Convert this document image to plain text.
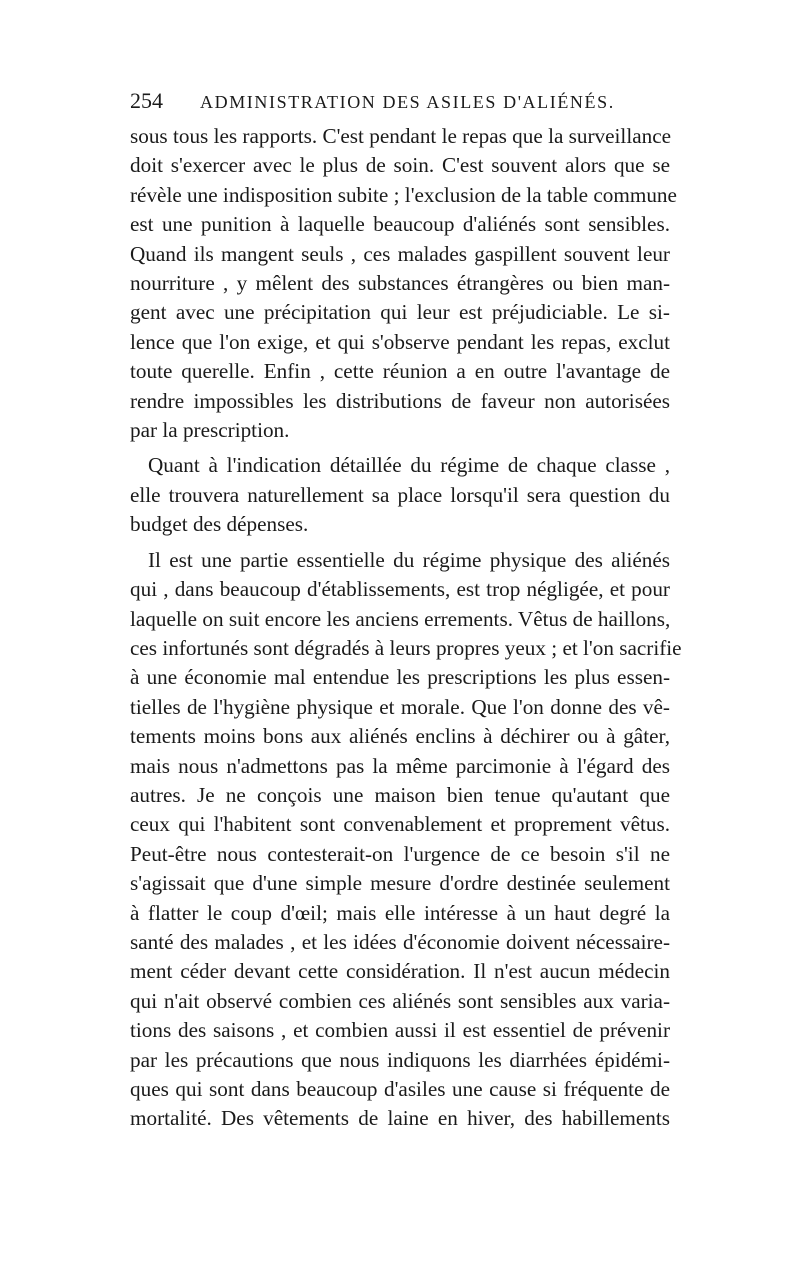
254	ADMINISTRATION DES ASILES D'ALIÉNÉS.

sous tous les rapports. C'est pendant le repas que la surveillance
doit s'exercer avec le plus de soin. C'est souvent alors que se
révèle une indisposition subite ; l'exclusion de la table commune
est une punition à laquelle beaucoup d'aliénés sont sensibles.
Quand ils mangent seuls , ces malades gaspillent souvent leur
nourriture , y mêlent des substances étrangères ou bien man-
gent avec une précipitation qui leur est préjudiciable. Le si-
lence que l'on exige, et qui s'observe pendant les repas, exclut
toute querelle. Enfin , cette réunion a en outre l'avantage de
rendre impossibles les distributions de faveur non autorisées
par la prescription.

Quant à l'indication détaillée du régime de chaque classe ,
elle trouvera naturellement sa place lorsqu'il sera question du
budget des dépenses.

Il est une partie essentielle du régime physique des aliénés
qui , dans beaucoup d'établissements, est trop négligée, et pour
laquelle on suit encore les anciens errements. Vêtus de haillons,
ces infortunés sont dégradés à leurs propres yeux ; et l'on sacrifie
à une économie mal entendue les prescriptions les plus essen-
tielles de l'hygiène physique et morale. Que l'on donne des vê-
tements moins bons aux aliénés enclins à déchirer ou à gâter,
mais nous n'admettons pas la même parcimonie à l'égard des
autres. Je ne conçois une maison bien tenue qu'autant que
ceux qui l'habitent sont convenablement et proprement vêtus.
Peut-être nous contesterait-on l'urgence de ce besoin s'il ne
s'agissait que d'une simple mesure d'ordre destinée seulement
à flatter le coup d'œil; mais elle intéresse à un haut degré la
santé des malades , et les idées d'économie doivent nécessaire-
ment céder devant cette considération. Il n'est aucun médecin
qui n'ait observé combien ces aliénés sont sensibles aux varia-
tions des saisons , et combien aussi il est essentiel de prévenir
par les précautions que nous indiquons les diarrhées épidémi-
ques qui sont dans beaucoup d'asiles une cause si fréquente de
mortalité. Des vêtements de laine en hiver, des habillements
